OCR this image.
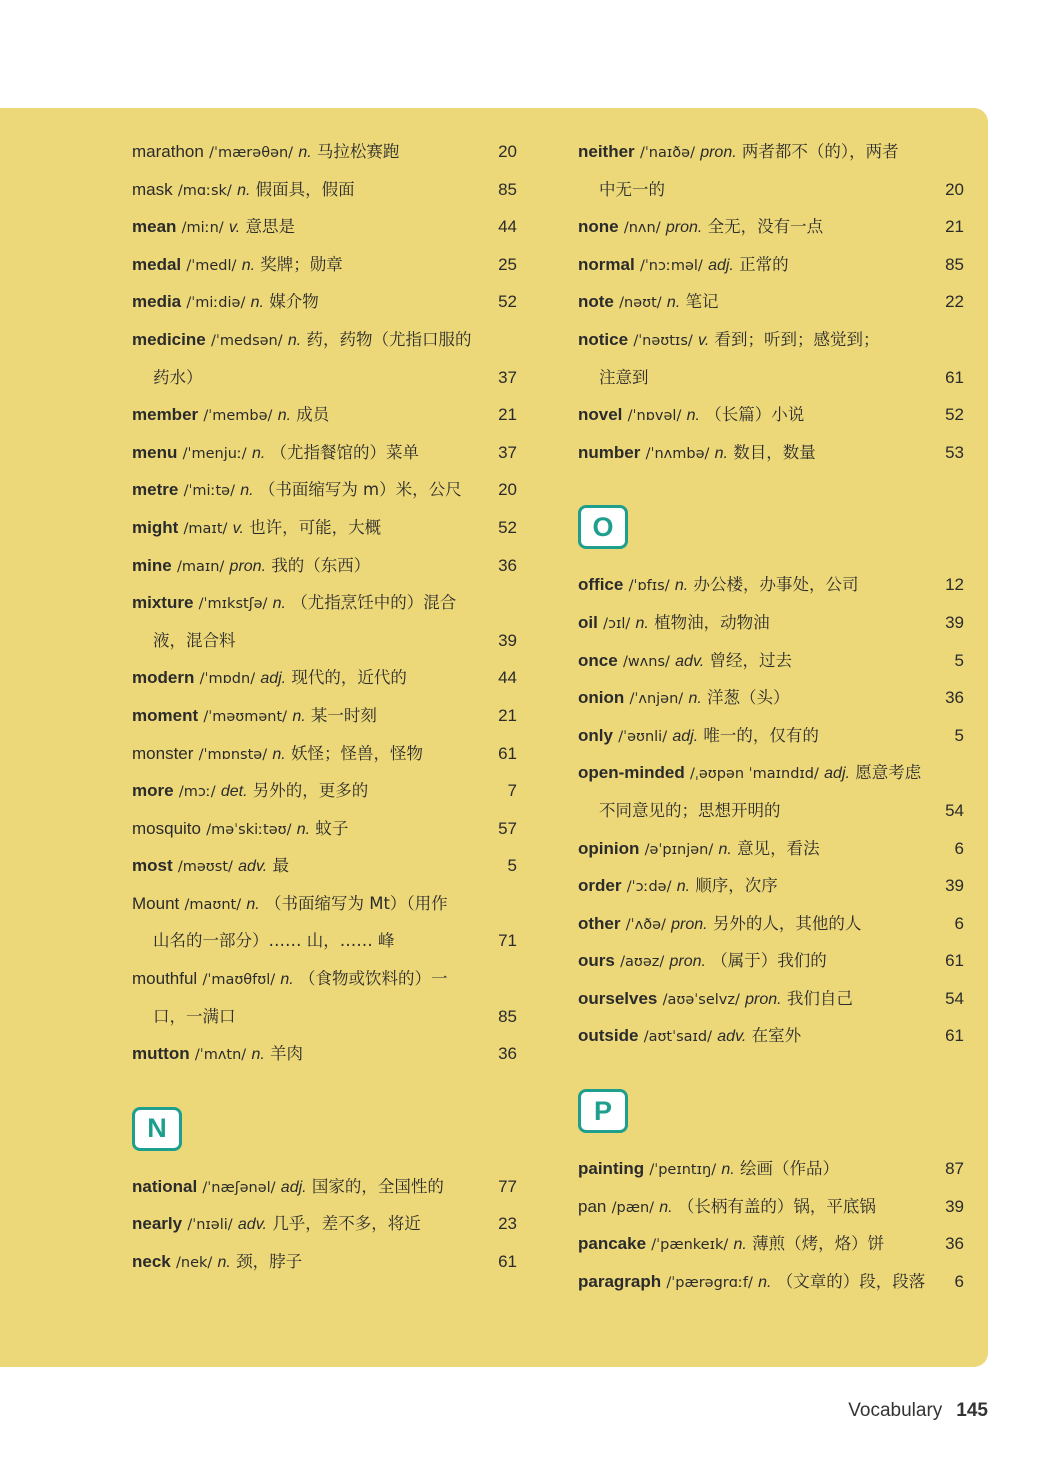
marathon /ˈmærəθən/ n. 马拉松赛跑	20
mask /mɑːsk/ n. 假面具，假面	85
mean /miːn/ v. 意思是	44
medal /ˈmedl/ n. 奖牌；勋章	25
media /ˈmiːdiə/ n. 媒介物	52
medicine /ˈmedsən/ n. 药，药物（尤指口服的
药水）	37
member /ˈmembə/ n. 成员	21
menu /ˈmenjuː/ n. （尤指餐馆的）菜单	37
metre /ˈmiːtə/ n. （书面缩写为 m）米，公尺 20
might /maɪt/ v. 也许，可能，大概	52
mine /maɪn/ pron. 我的（东西）	36
mixture /ˈmɪkstʃə/ n. （尤指烹饪中的）混合
液，混合料	39
modern /ˈmɒdn/ adj. 现代的，近代的	44
moment /ˈməʊmənt/ n. 某一时刻	21
monster /ˈmɒnstə/ n. 妖怪；怪兽，怪物	61
more /mɔː/ det. 另外的，更多的	7
mosquito /məˈskiːtəʊ/ n. 蚊子	57
most /məʊst/ adv. 最	5
Mount /maʊnt/ n. （书面缩写为 Mt）（用作
山名的一部分）…… 山，…… 峰	71
mouthful /ˈmaʊθfʊl/ n. （食物或饮料的）一
口，一满口	85
mutton /ˈmʌtn/ n. 羊肉	36
N
national /ˈnæʃənəl/ adj. 国家的，全国性的	77
nearly /ˈnɪəli/ adv. 几乎，差不多，将近	23
neck /nek/ n. 颈，脖子	61
neither /ˈnaɪðə/ pron. 两者都不（的），两者
中无一的	20
none /nʌn/ pron. 全无，没有一点	21
normal /ˈnɔːməl/ adj. 正常的	85
note /nəʊt/ n. 笔记	22
notice /ˈnəʊtɪs/ v. 看到；听到；感觉到；
注意到	61
novel /ˈnɒvəl/ n. （长篇）小说	52
number /ˈnʌmbə/ n. 数目，数量	53
O
office /ˈɒfɪs/ n. 办公楼，办事处，公司	12
oil /ɔɪl/ n. 植物油，动物油	39
once /wʌns/ adv. 曾经，过去	5
onion /ˈʌnjən/ n. 洋葱（头）	36
only /ˈəʊnli/ adj. 唯一的，仅有的	5
open-minded /ˌəʊpən ˈmaɪndɪd/ adj. 愿意考虑
不同意见的；思想开明的	54
opinion /əˈpɪnjən/ n. 意见，看法	6
order /ˈɔːdə/ n. 顺序，次序	39
other /ˈʌðə/ pron. 另外的人，其他的人	6
ours /aʊəz/ pron. （属于）我们的	61
ourselves /aʊəˈselvz/ pron. 我们自己	54
outside /aʊtˈsaɪd/ adv. 在室外	61
P
painting /ˈpeɪntɪŋ/ n. 绘画（作品）	87
pan /pæn/ n. （长柄有盖的）锅，平底锅	39
pancake /ˈpænkeɪk/ n. 薄煎（烤，烙）饼	36
paragraph /ˈpærəgrɑːf/ n. （文章的）段，段落 6
Vocabulary 145
